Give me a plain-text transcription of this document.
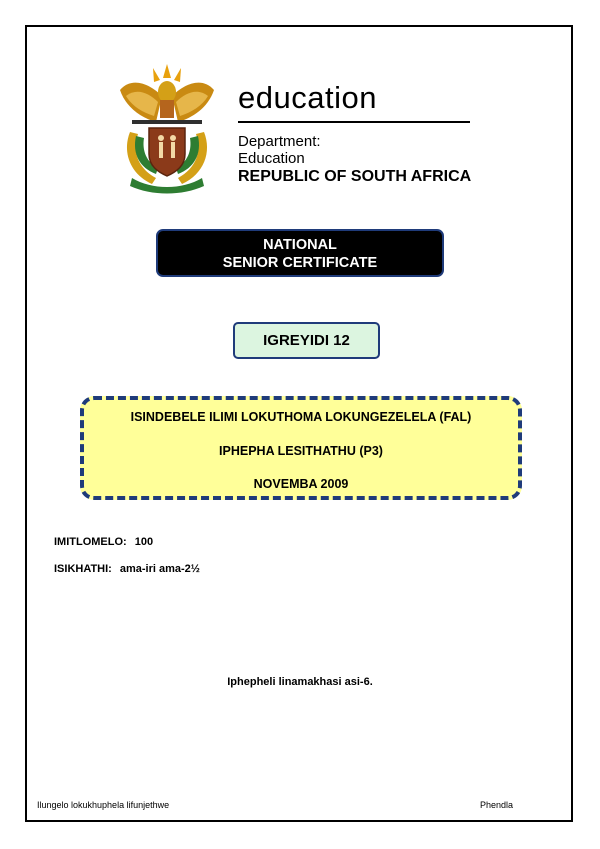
education
Department:
Education
REPUBLIC OF SOUTH AFRICA
NATIONAL
SENIOR CERTIFICATE
IGREYIDI 12
ISINDEBELE ILIMI LOKUTHOMA LOKUNGEZELELA (FAL)
IPHEPHA LESITHATHU (P3)
NOVEMBA 2009
IMITLOMELO: 100
ISIKHATHI: ama-iri ama-2½
Iphepheli linamakhasi asi-6.
Ilungelo lokukhuphela lifunjethwe	Phendla
